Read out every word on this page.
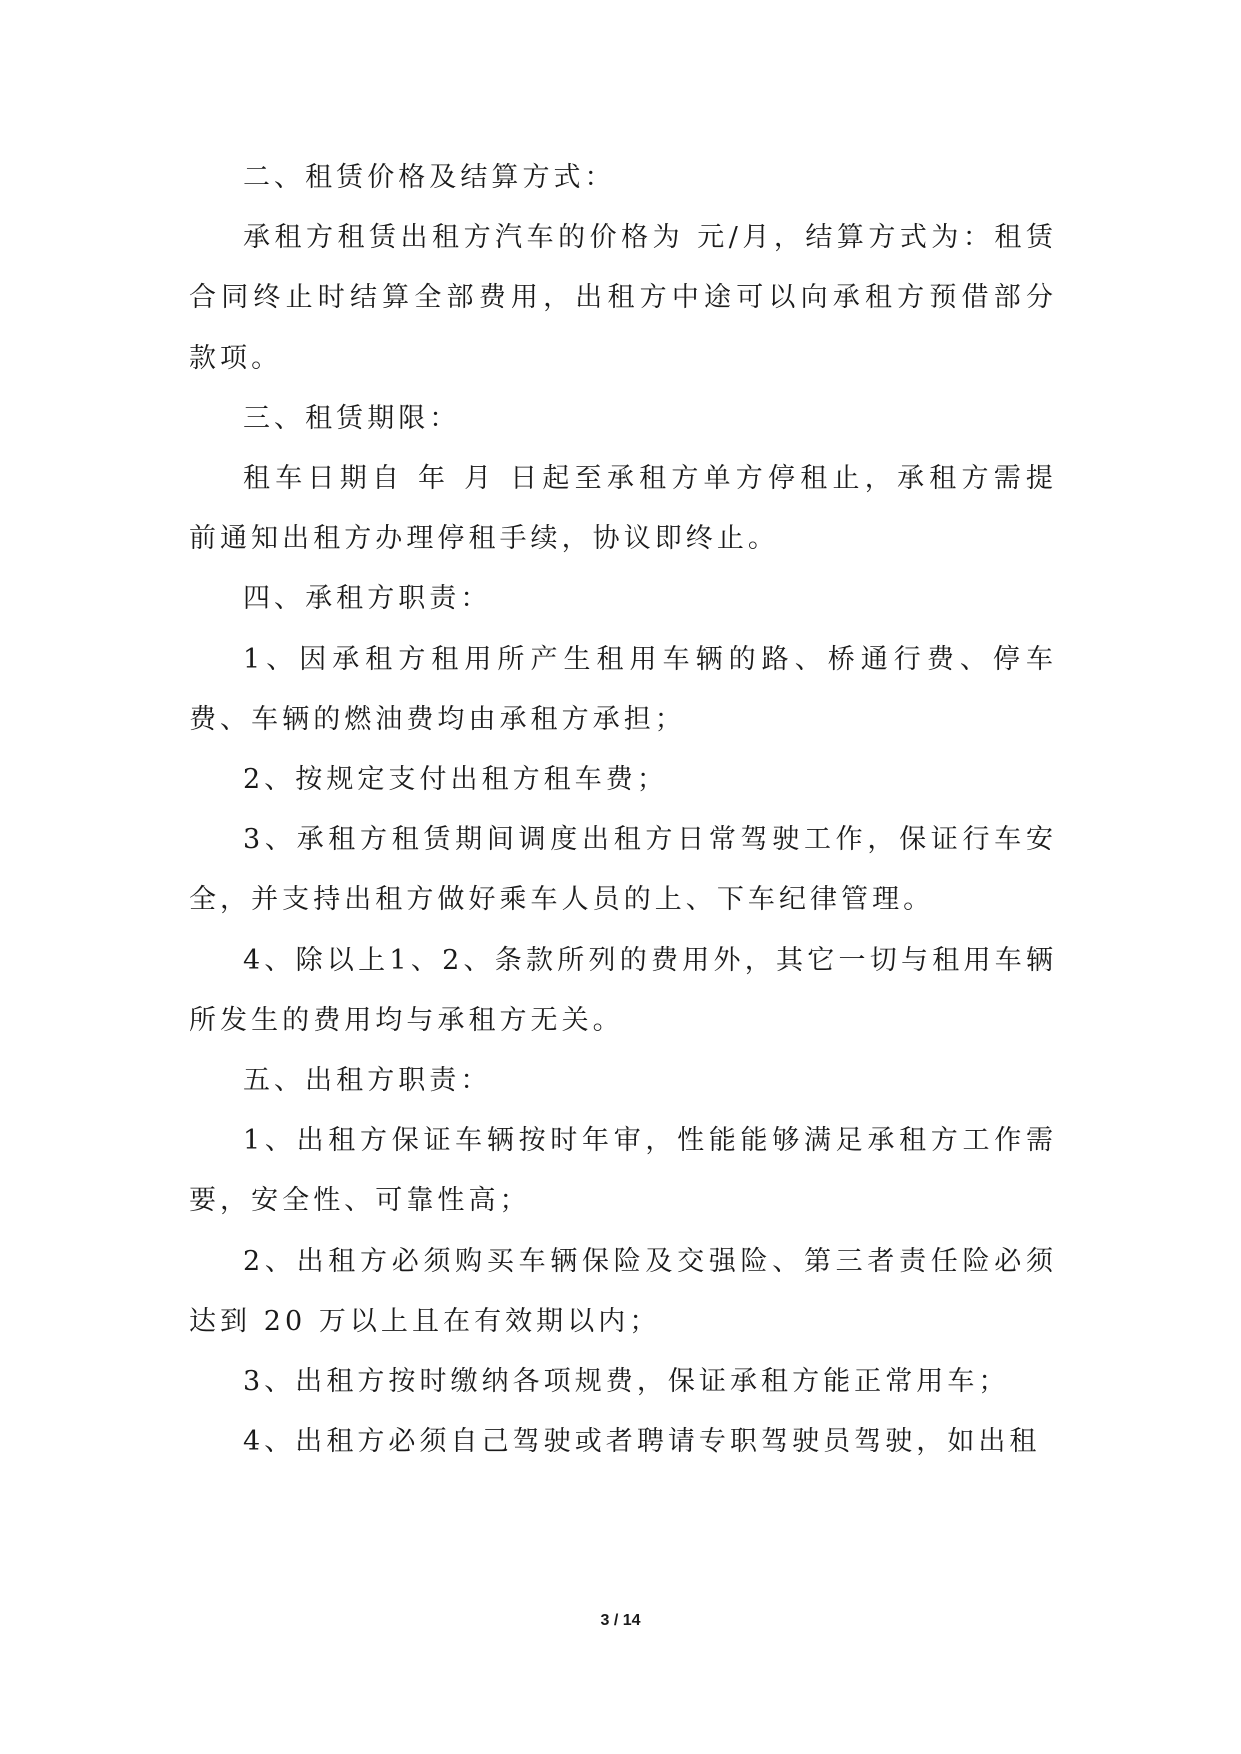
二、租赁价格及结算方式：

承租方租赁出租方汽车的价格为 元/月，结算方式为：租赁合同终止时结算全部费用，出租方中途可以向承租方预借部分款项。

三、租赁期限：

租车日期自 年 月 日起至承租方单方停租止，承租方需提前通知出租方办理停租手续，协议即终止。

四、承租方职责：

1、因承租方租用所产生租用车辆的路、桥通行费、停车费、车辆的燃油费均由承租方承担；

2、按规定支付出租方租车费；

3、承租方租赁期间调度出租方日常驾驶工作，保证行车安全，并支持出租方做好乘车人员的上、下车纪律管理。

4、除以上1、2、条款所列的费用外，其它一切与租用车辆所发生的费用均与承租方无关。

五、出租方职责：

1、出租方保证车辆按时年审，性能能够满足承租方工作需要，安全性、可靠性高；

2、出租方必须购买车辆保险及交强险、第三者责任险必须达到 20 万以上且在有效期以内；

3、出租方按时缴纳各项规费，保证承租方能正常用车；

4、出租方必须自己驾驶或者聘请专职驾驶员驾驶，如出租

3 / 14
